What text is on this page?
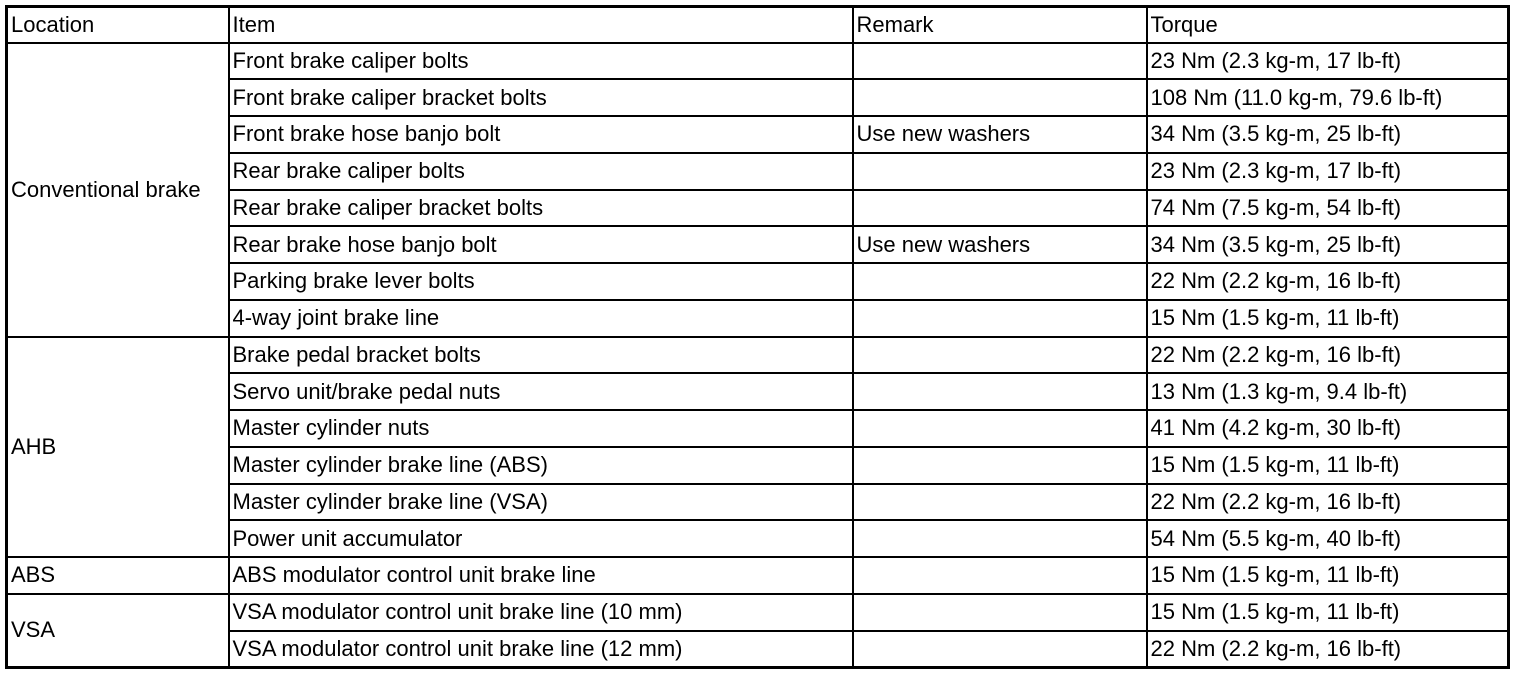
Location	Item	Remark	Torque
Conventional brake	Front brake caliper bolts		23 Nm (2.3 kg-m, 17 lb-ft)
	Front brake caliper bracket bolts		108 Nm (11.0 kg-m, 79.6 lb-ft)
	Front brake hose banjo bolt	Use new washers	34 Nm (3.5 kg-m, 25 lb-ft)
	Rear brake caliper bolts		23 Nm (2.3 kg-m, 17 lb-ft)
	Rear brake caliper bracket bolts		74 Nm (7.5 kg-m, 54 lb-ft)
	Rear brake hose banjo bolt	Use new washers	34 Nm (3.5 kg-m, 25 lb-ft)
	Parking brake lever bolts		22 Nm (2.2 kg-m, 16 lb-ft)
	4-way joint brake line		15 Nm (1.5 kg-m, 11 lb-ft)
AHB	Brake pedal bracket bolts		22 Nm (2.2 kg-m, 16 lb-ft)
	Servo unit/brake pedal nuts		13 Nm (1.3 kg-m, 9.4 lb-ft)
	Master cylinder nuts		41 Nm (4.2 kg-m, 30 lb-ft)
	Master cylinder brake line (ABS)		15 Nm (1.5 kg-m, 11 lb-ft)
	Master cylinder brake line (VSA)		22 Nm (2.2 kg-m, 16 lb-ft)
	Power unit accumulator		54 Nm (5.5 kg-m, 40 lb-ft)
ABS	ABS modulator control unit brake line		15 Nm (1.5 kg-m, 11 lb-ft)
VSA	VSA modulator control unit brake line (10 mm)		15 Nm (1.5 kg-m, 11 lb-ft)
	VSA modulator control unit brake line (12 mm)		22 Nm (2.2 kg-m, 16 lb-ft)
